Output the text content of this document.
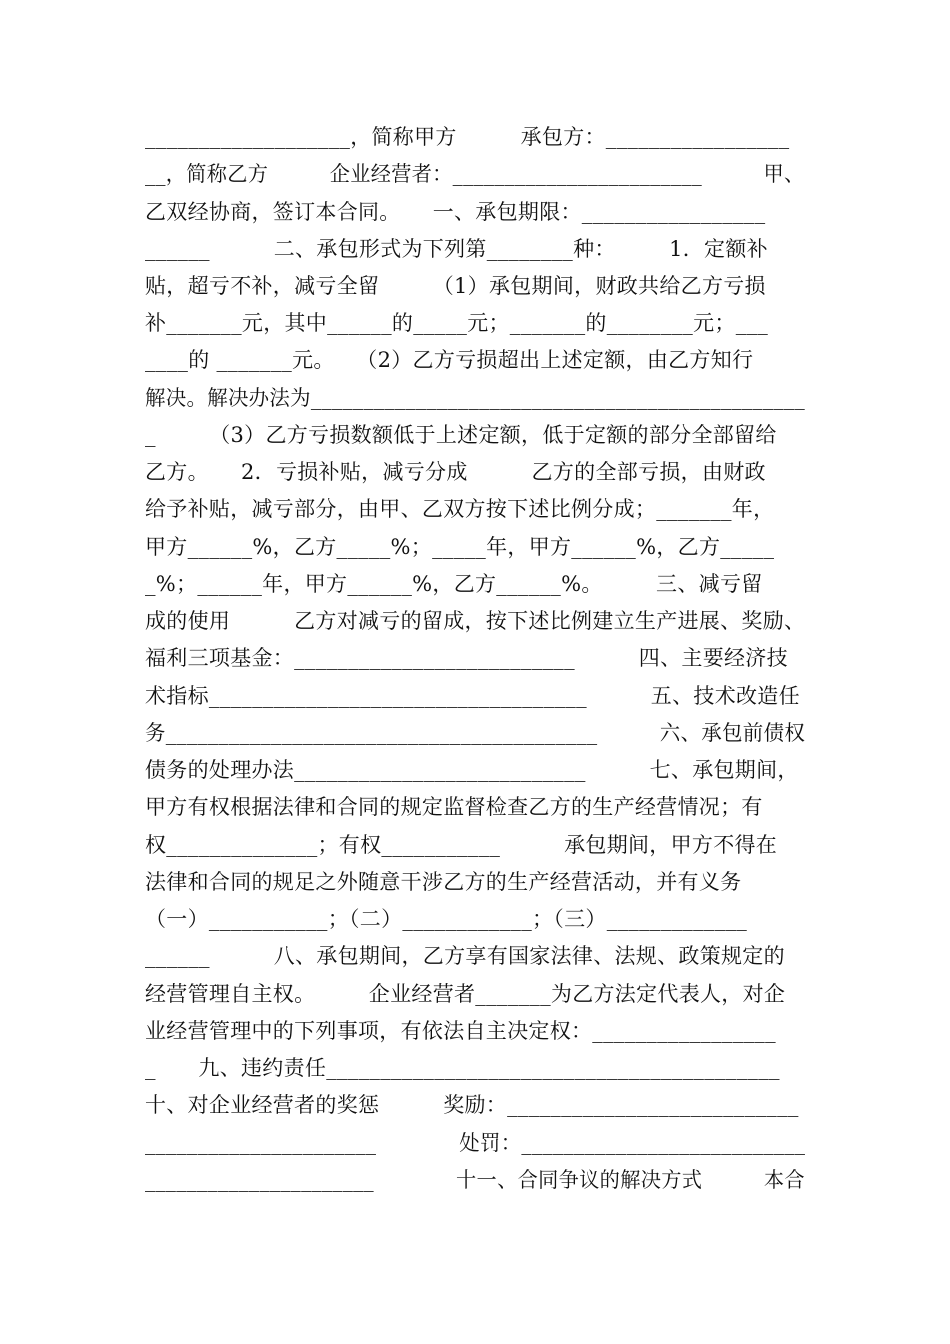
___________________，简称甲方　　　承包方：_________________
__，简称乙方　　　企业经营者：________________________　　　甲、
乙双经协商，签订本合同。　　一、承包期限：_________________
______　　　二、承包形式为下列第________种：　　　1．定额补
贴，超亏不补，减亏全留　　　（1）承包期间，财政共给乙方亏损
补_______元，其中______的_____元；_______的________元；___
____的 _______元。　　（2）乙方亏损超出上述定额，由乙方知行
解决。解决办法为_______________________________________________
_　　　（3）乙方亏损数额低于上述定额，低于定额的部分全部留给
乙方。　　2．亏损补贴，减亏分成　　　乙方的全部亏损，由财政
给予补贴，减亏部分，由甲、乙双方按下述比例分成；_______年，
甲方______%，乙方_____%；_____年，甲方______%，乙方_____
_%；______年，甲方______%，乙方______%。　　　三、减亏留
成的使用　　　乙方对减亏的留成，按下述比例建立生产进展、奖励、
福利三项基金：__________________________　　　四、主要经济技
术指标___________________________________　　　五、技术改造任
务_________________________________________　　　六、承包前债权
债务的处理办法___________________________　　　七、承包期间，
甲方有权根据法律和合同的规定监督检查乙方的生产经营情况；有
权______________；有权___________　　　承包期间，甲方不得在
法律和合同的规足之外随意干涉乙方的生产经营活动，并有义务
（一）___________；（二）____________；（三）_____________
______　　　八、承包期间，乙方享有国家法律、法规、政策规定的
经营管理自主权。　　　企业经营者_______为乙方法定代表人，对企
业经营管理中的下列事项，有依法自主决定权：_________________
_　　九、违约责任__________________________________________
十、对企业经营者的奖惩　　　奖励：___________________________
______________________　　　　处罚：___________________________
______________________　　　　十一、合同争议的解决方式　　　本合
